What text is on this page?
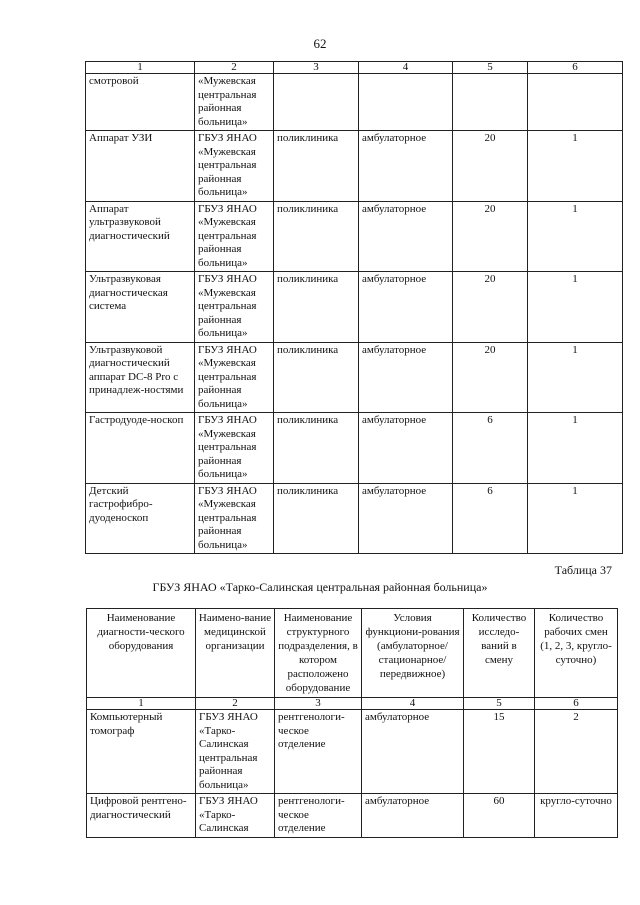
62
1	2	3	4	5	6
смотровой	«Мужевская центральная районная больница»				
Аппарат УЗИ	ГБУЗ ЯНАО «Мужевская центральная районная больница»	поликлиника	амбулаторное	20	1
Аппарат ультразвуковой диагностический	ГБУЗ ЯНАО «Мужевская центральная районная больница»	поликлиника	амбулаторное	20	1
Ультразвуковая диагностическая система	ГБУЗ ЯНАО «Мужевская центральная районная больница»	поликлиника	амбулаторное	20	1
Ультразвуковой диагностический аппарат DC-8 Pro с принадлеж-ностями	ГБУЗ ЯНАО «Мужевская центральная районная больница»	поликлиника	амбулаторное	20	1
Гастродуоде-носкоп	ГБУЗ ЯНАО «Мужевская центральная районная больница»	поликлиника	амбулаторное	6	1
Детский гастрофибро-дуоденоскоп	ГБУЗ ЯНАО «Мужевская центральная районная больница»	поликлиника	амбулаторное	6	1
Таблица 37
ГБУЗ ЯНАО «Тарко-Салинская центральная районная больница»
Наименование диагности-ческого оборудования	Наимено-вание медицинской организации	Наименование структурного подразделения, в котором расположено оборудование	Условия функциони-рования (амбулаторное/ стационарное/ передвижное)	Количество исследо-ваний в смену	Количество рабочих смен (1, 2, 3, кругло-суточно)
1	2	3	4	5	6
Компьютерный томограф	ГБУЗ ЯНАО «Тарко-Салинская центральная районная больница»	рентгенологи-ческое отделение	амбулаторное	15	2
Цифровой рентгено-диагностический	ГБУЗ ЯНАО «Тарко-Салинская	рентгенологи-ческое отделение	амбулаторное	60	кругло-суточно
